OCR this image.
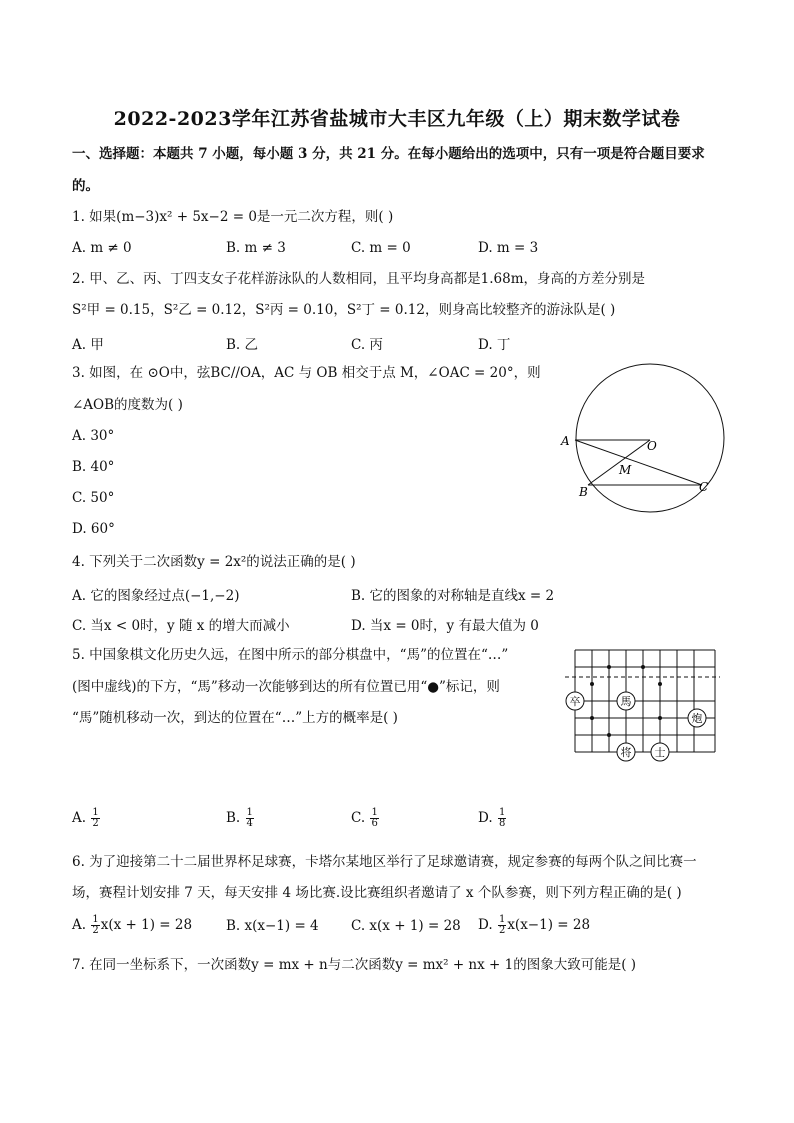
2022-2023学年江苏省盐城市大丰区九年级（上）期末数学试卷
一、选择题：本题共 7 小题，每小题 3 分，共 21 分。在每小题给出的选项中，只有一项是符合题目要求
的。
1. 如果(m−3)x² + 5x−2 = 0是一元二次方程，则( )
A. m ≠ 0	B. m ≠ 3	C. m = 0	D. m = 3
2. 甲、乙、丙、丁四支女子花样游泳队的人数相同，且平均身高都是1.68m，身高的方差分别是
S²甲 = 0.15，S²乙 = 0.12，S²丙 = 0.10，S²丁 = 0.12，则身高比较整齐的游泳队是( )
A. 甲	B. 乙	C. 丙	D. 丁
3. 如图，在 ⊙O中，弦BC//OA，AC 与 OB 相交于点 M，∠OAC = 20°，则
∠AOB的度数为( )
A. 30°
B. 40°
C. 50°
D. 60°
A	O
M
B	C
4. 下列关于二次函数y = 2x²的说法正确的是( )
A. 它的图象经过点(−1,−2)	B. 它的图象的对称轴是直线x = 2
C. 当x < 0时，y 随 x 的增大而减小	D. 当x = 0时，y 有最大值为 0
5. 中国象棋文化历史久远，在图中所示的部分棋盘中，“馬”的位置在“…”
(图中虚线)的下方，“馬”移动一次能够到达的所有位置已用“●”标记，则
“馬”随机移动一次，到达的位置在“…”上方的概率是( )
卒	馬
炮
将 士
A. $\frac{1}{2}$	B. $\frac{1}{4}$	C. $\frac{1}{6}$	D. $\frac{1}{8}$
6. 为了迎接第二十二届世界杯足球赛，卡塔尔某地区举行了足球邀请赛，规定参赛的每两个队之间比赛一
场，赛程计划安排 7 天，每天安排 4 场比赛.设比赛组织者邀请了 x 个队参赛，则下列方程正确的是( )
A. $\frac{1}{2} x(x + 1) = 28$	B. x(x−1) = 4 C. x(x + 1) = 28 D. $\frac{1}{2} x(x-1) = 28$
7. 在同一坐标系下，一次函数y = mx + n与二次函数y = mx² + nx + 1的图象大致可能是( )
